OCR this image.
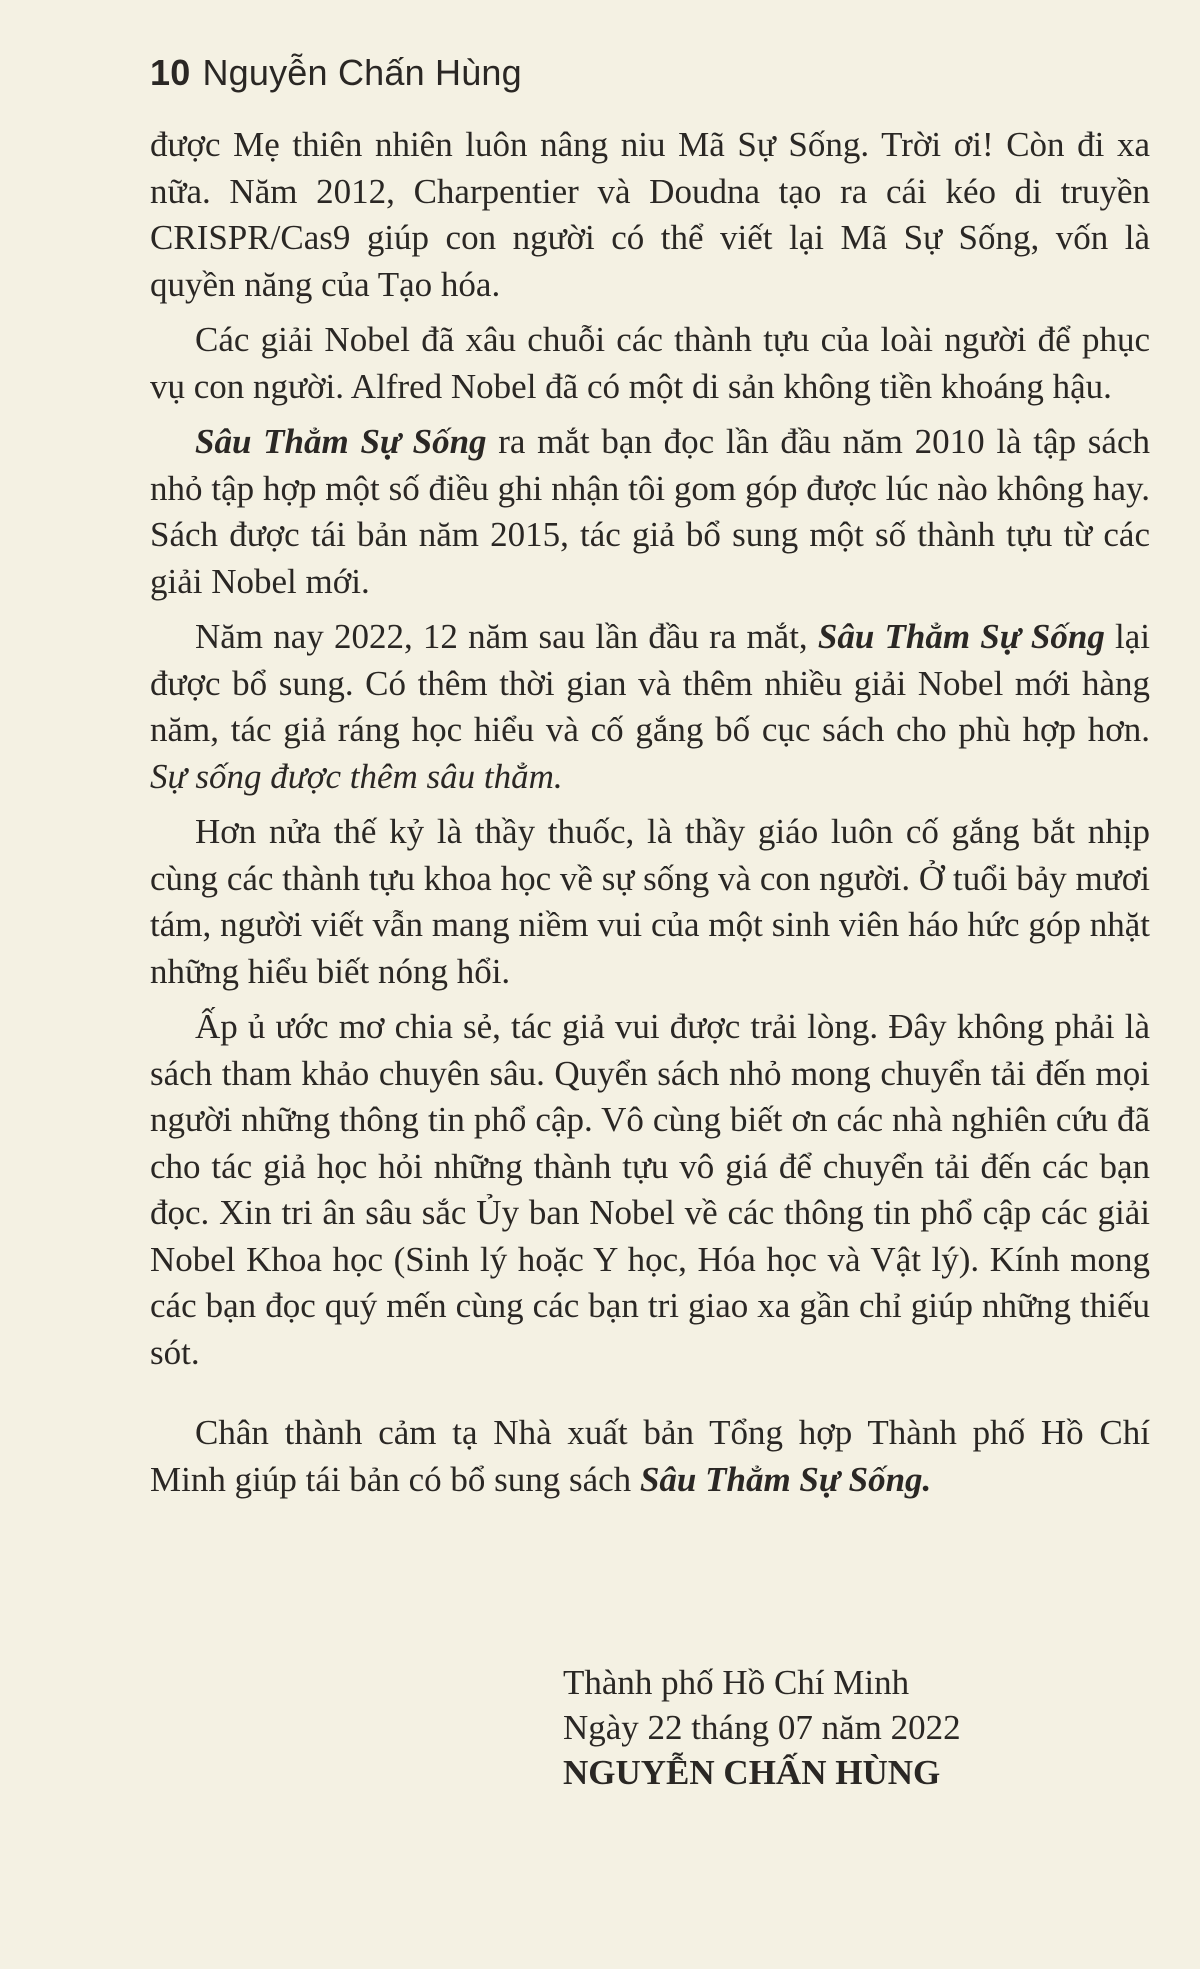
10 Nguyễn Chấn Hùng

được Mẹ thiên nhiên luôn nâng niu Mã Sự Sống. Trời ơi! Còn đi xa nữa. Năm 2012, Charpentier và Doudna tạo ra cái kéo di truyền CRISPR/Cas9 giúp con người có thể viết lại Mã Sự Sống, vốn là quyền năng của Tạo hóa.

Các giải Nobel đã xâu chuỗi các thành tựu của loài người để phục vụ con người. Alfred Nobel đã có một di sản không tiền khoáng hậu.

Sâu Thẳm Sự Sống ra mắt bạn đọc lần đầu năm 2010 là tập sách nhỏ tập hợp một số điều ghi nhận tôi gom góp được lúc nào không hay. Sách được tái bản năm 2015, tác giả bổ sung một số thành tựu từ các giải Nobel mới.

Năm nay 2022, 12 năm sau lần đầu ra mắt, Sâu Thẳm Sự Sống lại được bổ sung. Có thêm thời gian và thêm nhiều giải Nobel mới hàng năm, tác giả ráng học hiểu và cố gắng bố cục sách cho phù hợp hơn. Sự sống được thêm sâu thẳm.

Hơn nửa thế kỷ là thầy thuốc, là thầy giáo luôn cố gắng bắt nhịp cùng các thành tựu khoa học về sự sống và con người. Ở tuổi bảy mươi tám, người viết vẫn mang niềm vui của một sinh viên háo hức góp nhặt những hiểu biết nóng hổi.

Ấp ủ ước mơ chia sẻ, tác giả vui được trải lòng. Đây không phải là sách tham khảo chuyên sâu. Quyển sách nhỏ mong chuyển tải đến mọi người những thông tin phổ cập. Vô cùng biết ơn các nhà nghiên cứu đã cho tác giả học hỏi những thành tựu vô giá để chuyển tải đến các bạn đọc. Xin tri ân sâu sắc Ủy ban Nobel về các thông tin phổ cập các giải Nobel Khoa học (Sinh lý hoặc Y học, Hóa học và Vật lý). Kính mong các bạn đọc quý mến cùng các bạn tri giao xa gần chỉ giúp những thiếu sót.

Chân thành cảm tạ Nhà xuất bản Tổng hợp Thành phố Hồ Chí Minh giúp tái bản có bổ sung sách Sâu Thẳm Sự Sống.

Thành phố Hồ Chí Minh
Ngày 22 tháng 07 năm 2022
NGUYỄN CHẤN HÙNG
